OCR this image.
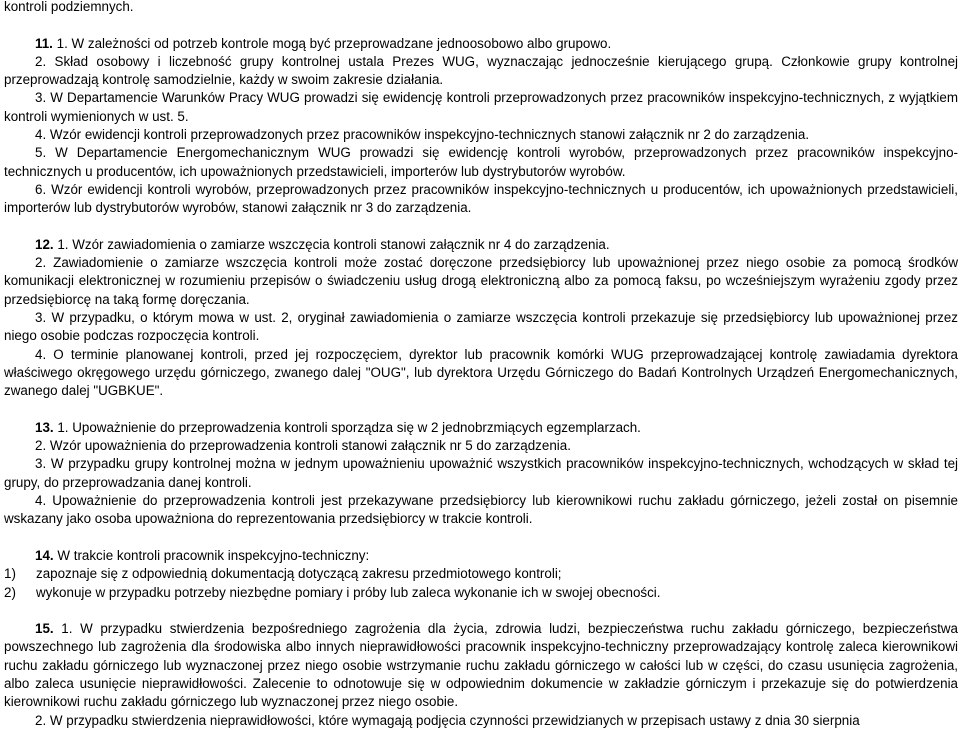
kontroli podziemnych.

11. 1. W zależności od potrzeb kontrole mogą być przeprowadzane jednoosobowo albo grupowo.

2. Skład osobowy i liczebność grupy kontrolnej ustala Prezes WUG, wyznaczając jednocześnie kierującego grupą. Członkowie grupy kontrolnej przeprowadzają kontrolę samodzielnie, każdy w swoim zakresie działania.

3. W Departamencie Warunków Pracy WUG prowadzi się ewidencję kontroli przeprowadzonych przez pracowników inspekcyjno-technicznych, z wyjątkiem kontroli wymienionych w ust. 5.

4. Wzór ewidencji kontroli przeprowadzonych przez pracowników inspekcyjno-technicznych stanowi załącznik nr 2 do zarządzenia.

5. W Departamencie Energomechanicznym WUG prowadzi się ewidencję kontroli wyrobów, przeprowadzonych przez pracowników inspekcyjno-technicznych u producentów, ich upoważnionych przedstawicieli, importerów lub dystrybutorów wyrobów.

6. Wzór ewidencji kontroli wyrobów, przeprowadzonych przez pracowników inspekcyjno-technicznych u producentów, ich upoważnionych przedstawicieli, importerów lub dystrybutorów wyrobów, stanowi załącznik nr 3 do zarządzenia.

12. 1. Wzór zawiadomienia o zamiarze wszczęcia kontroli stanowi załącznik nr 4 do zarządzenia.

2. Zawiadomienie o zamiarze wszczęcia kontroli może zostać doręczone przedsiębiorcy lub upoważnionej przez niego osobie za pomocą środków komunikacji elektronicznej w rozumieniu przepisów o świadczeniu usług drogą elektroniczną albo za pomocą faksu, po wcześniejszym wyrażeniu zgody przez przedsiębiorcę na taką formę doręczania.

3. W przypadku, o którym mowa w ust. 2, oryginał zawiadomienia o zamiarze wszczęcia kontroli przekazuje się przedsiębiorcy lub upoważnionej przez niego osobie podczas rozpoczęcia kontroli.

4. O terminie planowanej kontroli, przed jej rozpoczęciem, dyrektor lub pracownik komórki WUG przeprowadzającej kontrolę zawiadamia dyrektora właściwego okręgowego urzędu górniczego, zwanego dalej "OUG", lub dyrektora Urzędu Górniczego do Badań Kontrolnych Urządzeń Energomechanicznych, zwanego dalej "UGBKUE".

13. 1. Upoważnienie do przeprowadzenia kontroli sporządza się w 2 jednobrzmiących egzemplarzach.

2. Wzór upoważnienia do przeprowadzenia kontroli stanowi załącznik nr 5 do zarządzenia.

3. W przypadku grupy kontrolnej można w jednym upoważnieniu upoważnić wszystkich pracowników inspekcyjno-technicznych, wchodzących w skład tej grupy, do przeprowadzania danej kontroli.

4. Upoważnienie do przeprowadzenia kontroli jest przekazywane przedsiębiorcy lub kierownikowi ruchu zakładu górniczego, jeżeli został on pisemnie wskazany jako osoba upoważniona do reprezentowania przedsiębiorcy w trakcie kontroli.

14. W trakcie kontroli pracownik inspekcyjno-techniczny:

1)	zapoznaje się z odpowiednią dokumentacją dotyczącą zakresu przedmiotowego kontroli;
2)	wykonuje w przypadku potrzeby niezbędne pomiary i próby lub zaleca wykonanie ich w swojej obecności.

15. 1. W przypadku stwierdzenia bezpośredniego zagrożenia dla życia, zdrowia ludzi, bezpieczeństwa ruchu zakładu górniczego, bezpieczeństwa powszechnego lub zagrożenia dla środowiska albo innych nieprawidłowości pracownik inspekcyjno-techniczny przeprowadzający kontrolę zaleca kierownikowi ruchu zakładu górniczego lub wyznaczonej przez niego osobie wstrzymanie ruchu zakładu górniczego w całości lub w części, do czasu usunięcia zagrożenia, albo zaleca usunięcie nieprawidłowości. Zalecenie to odnotowuje się w odpowiednim dokumencie w zakładzie górniczym i przekazuje się do potwierdzenia kierownikowi ruchu zakładu górniczego lub wyznaczonej przez niego osobie.

2. W przypadku stwierdzenia nieprawidłowości, które wymagają podjęcia czynności przewidzianych w przepisach ustawy z dnia 30 sierpnia
